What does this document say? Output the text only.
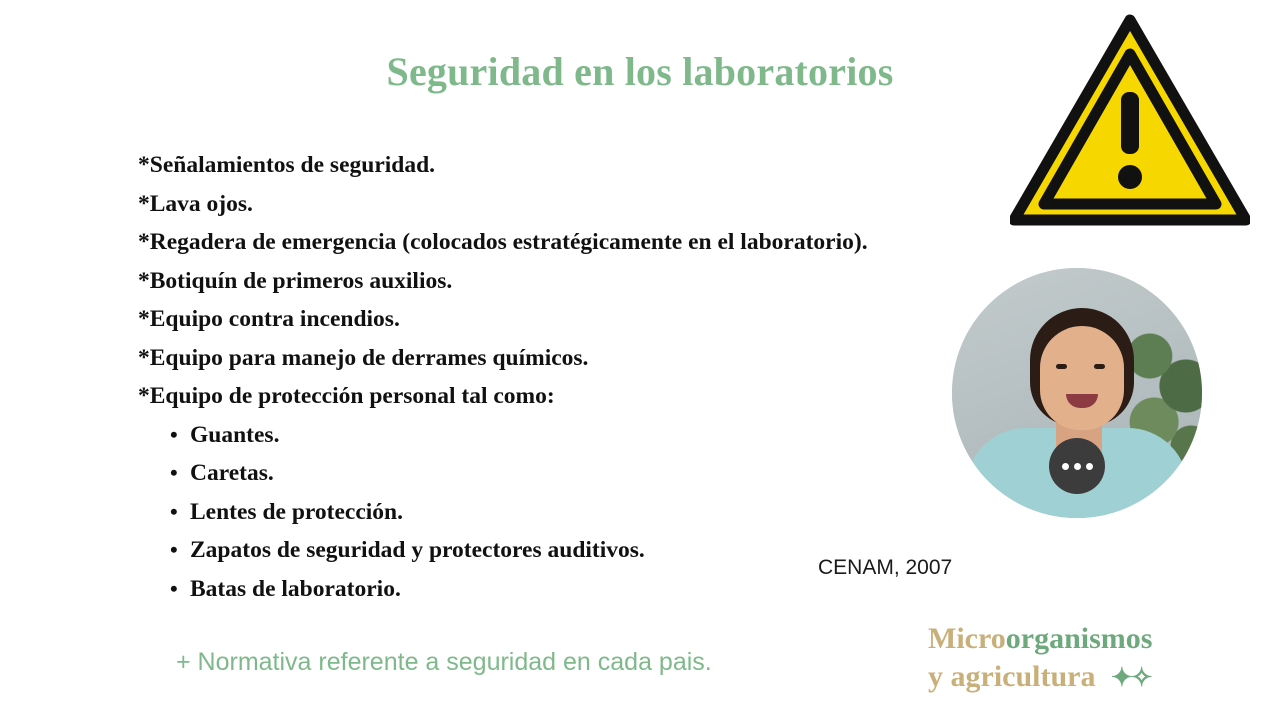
Seguridad en los laboratorios
*Señalamientos de seguridad.
*Lava ojos.
*Regadera de emergencia (colocados estratégicamente en el laboratorio).
*Botiquín de primeros auxilios.
*Equipo contra incendios.
*Equipo para manejo de derrames químicos.
*Equipo de protección personal tal como:
• Guantes.
• Caretas.
• Lentes de protección.
• Zapatos de seguridad y protectores auditivos.
• Batas de laboratorio.
+ Normativa referente a seguridad en cada pais.
CENAM, 2007
Microorganismos
y agricultura ✦✧
